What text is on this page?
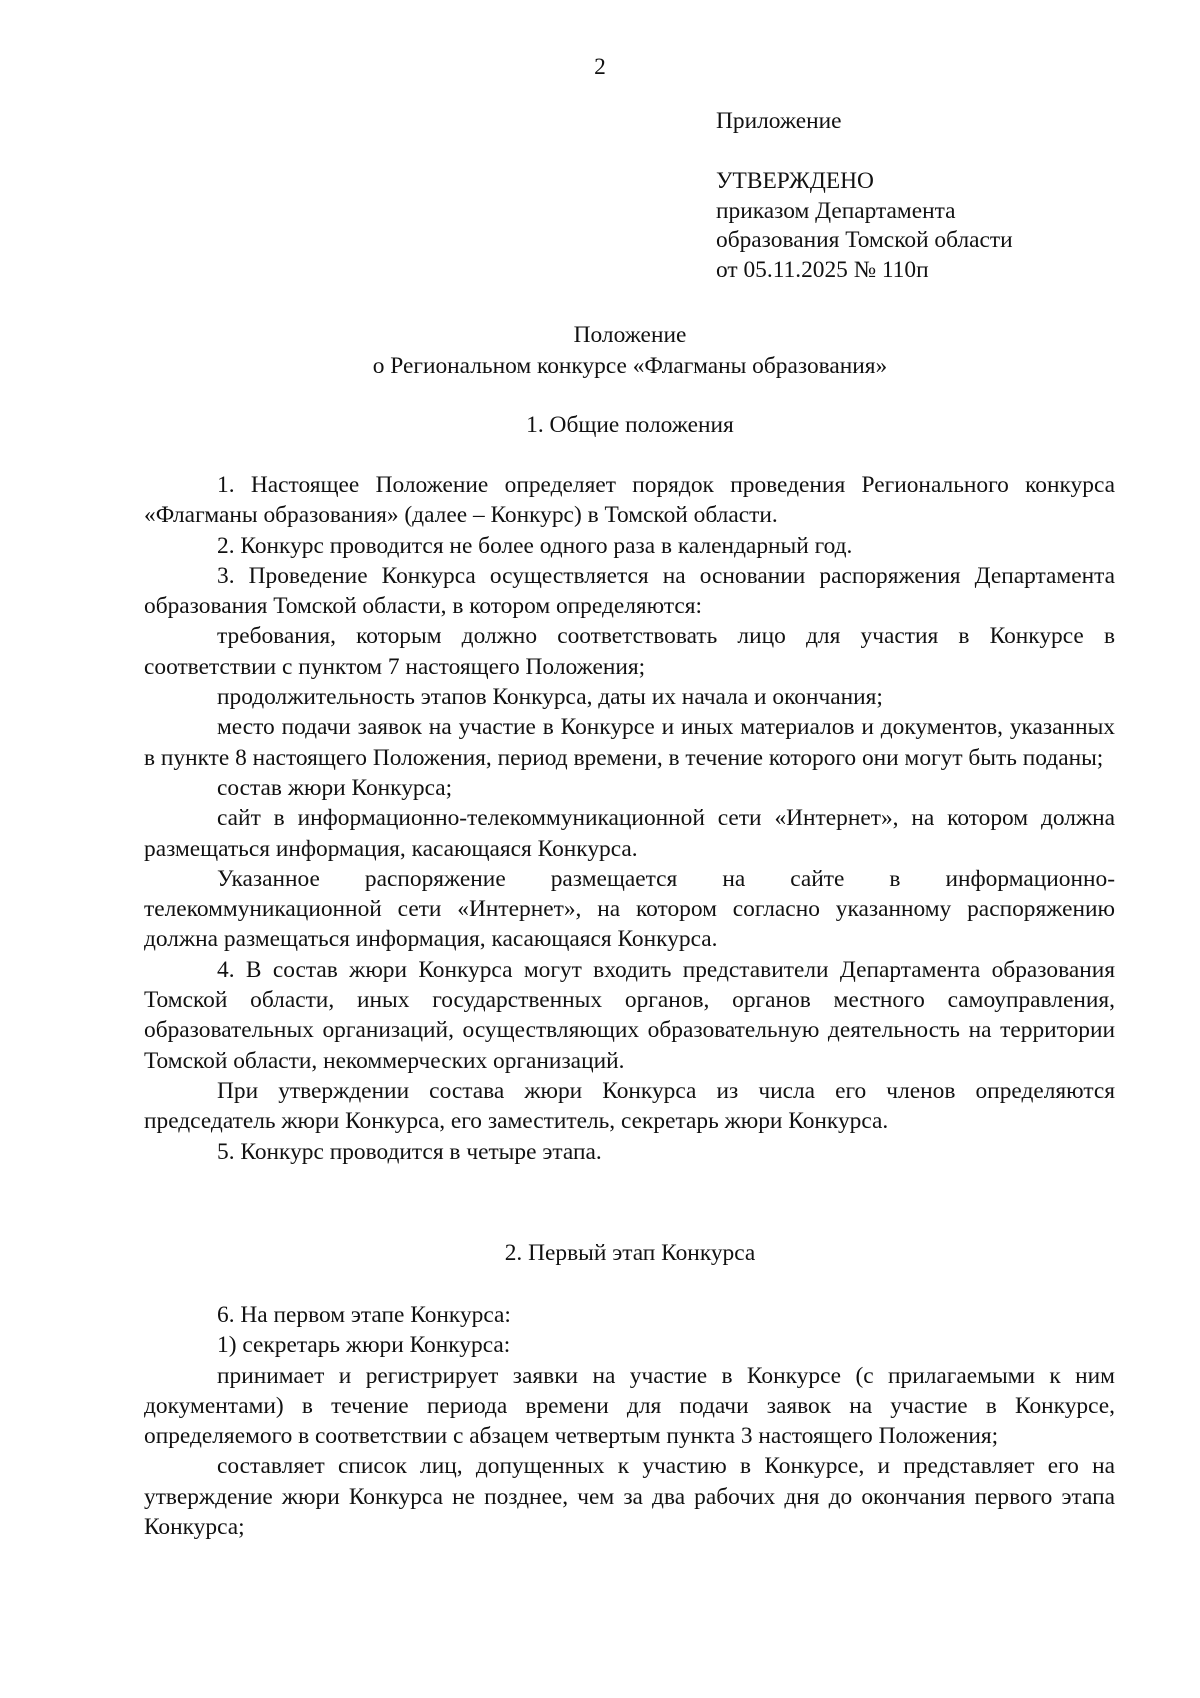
2
Приложение
УТВЕРЖДЕНО
приказом Департамента
образования Томской области
от 05.11.2025 № 110п
Положение
о Региональном конкурсе «Флагманы образования»
1. Общие положения

1. Настоящее Положение определяет порядок проведения Регионального конкурса «Флагманы образования» (далее – Конкурс) в Томской области.

2. Конкурс проводится не более одного раза в календарный год.

3. Проведение Конкурса осуществляется на основании распоряжения Департамента образования Томской области, в котором определяются:

требования, которым должно соответствовать лицо для участия в Конкурсе в соответствии с пунктом 7 настоящего Положения;

продолжительность этапов Конкурса, даты их начала и окончания;

место подачи заявок на участие в Конкурсе и иных материалов и документов, указанных в пункте 8 настоящего Положения, период времени, в течение которого они могут быть поданы;

состав жюри Конкурса;

сайт в информационно-телекоммуникационной сети «Интернет», на котором должна размещаться информация, касающаяся Конкурса.

Указанное распоряжение размещается на сайте в информационно-телекоммуникационной сети «Интернет», на котором согласно указанному распоряжению должна размещаться информация, касающаяся Конкурса.

4. В состав жюри Конкурса могут входить представители Департамента образования Томской области, иных государственных органов, органов местного самоуправления, образовательных организаций, осуществляющих образовательную деятельность на территории Томской области, некоммерческих организаций.

При утверждении состава жюри Конкурса из числа его членов определяются председатель жюри Конкурса, его заместитель, секретарь жюри Конкурса.

5. Конкурс проводится в четыре этапа.

2. Первый этап Конкурса

6. На первом этапе Конкурса:

1) секретарь жюри Конкурса:

принимает и регистрирует заявки на участие в Конкурсе (с прилагаемыми к ним документами) в течение периода времени для подачи заявок на участие в Конкурсе, определяемого в соответствии с абзацем четвертым пункта 3 настоящего Положения;

составляет список лиц, допущенных к участию в Конкурсе, и представляет его на утверждение жюри Конкурса не позднее, чем за два рабочих дня до окончания первого этапа Конкурса;
